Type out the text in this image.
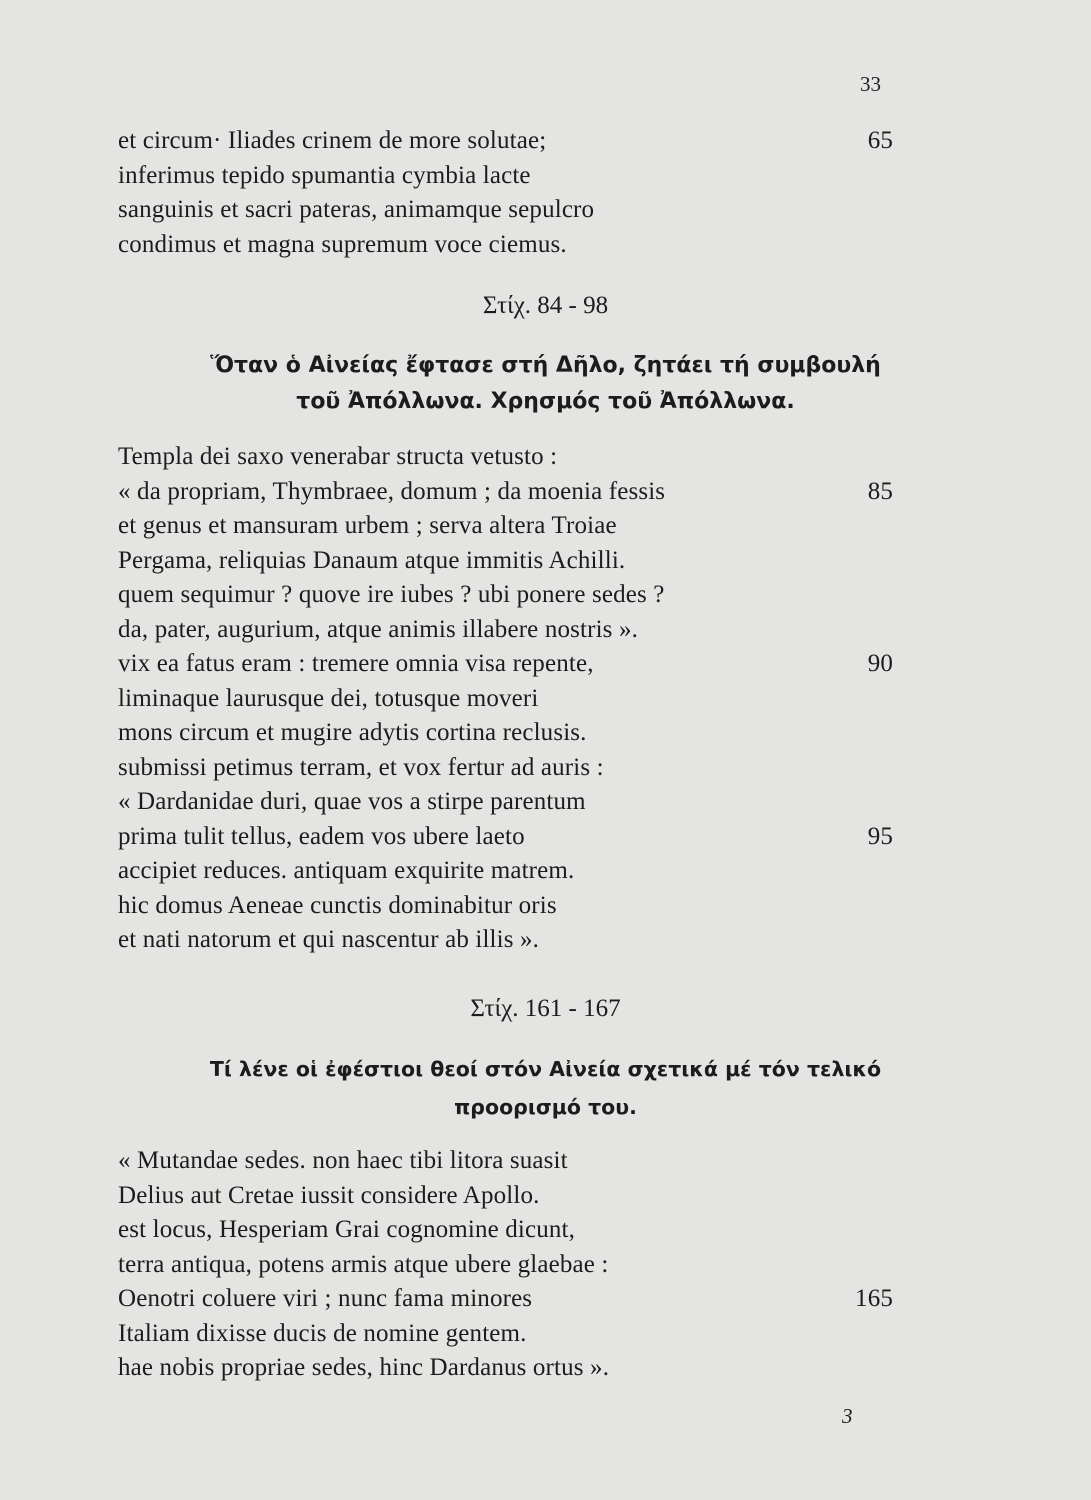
33
et circum· Iliades crinem de more solutae;	65
inferimus tepido spumantia cymbia lacte
sanguinis et sacri pateras, animamque sepulcro
condimus et magna supremum voce ciemus.
Στίχ. 84 - 98
Ὅταν ὁ Αἰνείας ἔφτασε στή Δῆλο, ζητάει τή συμβουλή
τοῦ Ἀπόλλωνα. Χρησμός τοῦ Ἀπόλλωνα.
Templa dei saxo venerabar structa vetusto :
« da propriam, Thymbraee, domum ; da moenia fessis	85
et genus et mansuram urbem ; serva altera Troiae
Pergama, reliquias Danaum atque immitis Achilli.
quem sequimur ? quove ire iubes ? ubi ponere sedes ?
da, pater, augurium, atque animis illabere nostris ».
vix ea fatus eram : tremere omnia visa repente,	90
liminaque laurusque dei, totusque moveri
mons circum et mugire adytis cortina reclusis.
submissi petimus terram, et vox fertur ad auris :
« Dardanidae duri, quae vos a stirpe parentum
prima tulit tellus, eadem vos ubere laeto	95
accipiet reduces. antiquam exquirite matrem.
hic domus Aeneae cunctis dominabitur oris
et nati natorum et qui nascentur ab illis ».
Στίχ. 161 - 167
Τί λένε οἱ ἐφέστιοι θεοί στόν Αἰνεία σχετικά μέ τόν τελικό
προορισμό του.
« Mutandae sedes. non haec tibi litora suasit
Delius aut Cretae iussit considere Apollo.
est locus, Hesperiam Grai cognomine dicunt,
terra antiqua, potens armis atque ubere glaebae :
Oenotri coluere viri ; nunc fama minores	165
Italiam dixisse ducis de nomine gentem.
hae nobis propriae sedes, hinc Dardanus ortus ».
3
